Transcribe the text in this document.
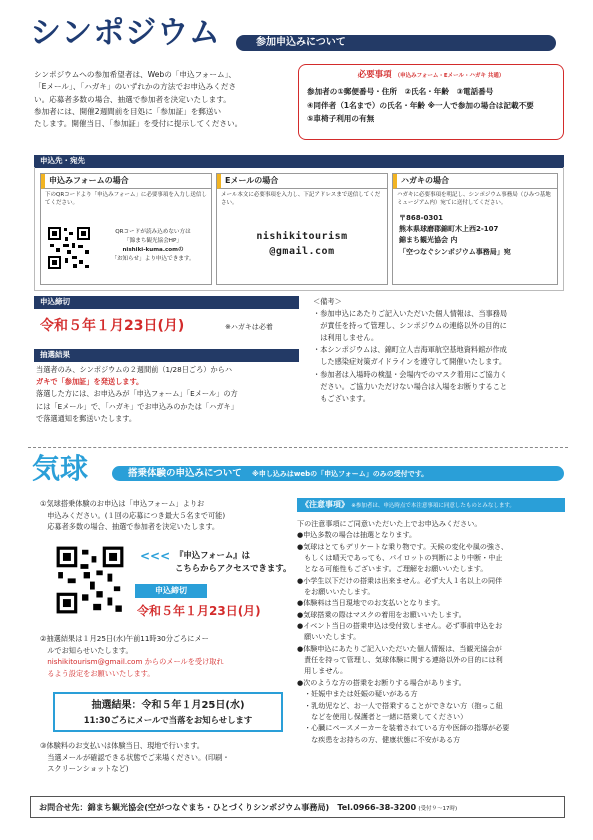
シンポジウム	参加申込みについて
シンポジウムへの参加希望者は、Webの「申込フォーム」、
「Eメール」、「ハガキ」のいずれかの方法でお申込みくださ
い。応募者多数の場合、抽選で参加者を決定いたします。
参加者には、開催2週間前を目処に「参加証」を郵送い
たします。開催当日、「参加証」を受付に提示してください。
必要事項 （申込みフォーム・Eメール・ハガキ 共通）
参加者の①郵便番号・住所　②氏名・年齢　③電話番号
④同伴者（1名まで）の氏名・年齢 ※一人で参加の場合は記載不要
⑤車椅子利用の有無
申込先・宛先
申込みフォームの場合
下のQRコードより「申込みフォーム」に必要事項を入力し送信してください。
QRコードが読み込めない方は
「錦まち観光協会HP」
nishiki-kuma.comの
「お知らせ」より申込できます。
Eメールの場合
メール本文に必要事項を入力し、下記アドレスまで送信してください。
nishikitourism
@gmail.com
ハガキの場合
ハガキに必要事項を明記し、シンポジウム事務局（ひみつ基地ミュージアム内）宛てに送付してください。
〒868-0301
熊本県球磨郡錦町木上西2-107
錦まち観光協会 内
「空つなぐシンポジウム事務局」宛
申込締切
令和５年１月23日(月)	※ハガキは必着
抽選結果
当選者のみ、シンポジウムの２週間前（1/28日ごろ）からハ
ガキで「参加証」を発送します。
落選した方には、お申込みが「申込フォーム」「Eメール」の方
には「Eメール」で、「ハガキ」でお申込みのかたは「ハガキ」
で落選通知を郵送いたします。
＜備考＞
・参加申込にあたりご記入いただいた個人情報は、当事務局
　が責任を持って管理し、シンポジウムの連絡以外の目的に
　は利用しません。
・本シンポジウムは、錦町立人吉海軍航空基地資料館が作成
　した感染症対策ガイドラインを遵守して開催いたします。
・参加者は入場時の検温・会場内でのマスク着用にご協力く
　ださい。ご協力いただけない場合は入場をお断りすること
　もございます。
気球	搭乗体験の申込みについて ※申し込みはwebの「申込フォーム」のみの受付です。
①気球搭乗体験のお申込は「申込フォーム」よりお
　申込みください。(１回の応募につき最大５名まで可能)
　応募者多数の場合、抽選で参加者を決定いたします。
<<< 『申込フォーム』は
こちらからアクセスできます。
申込締切
令和５年１月23日(月)
②抽選結果は１月25日(水)午前11時30分ごろにメー
　ルでお知らせいたします。
　nishikitourism@gmail.com からのメールを受け取れ
　るよう設定をお願いいたします。
抽選結果：令和５年１月25日(水)
11:30ごろにメールで当落をお知らせします
③体験料のお支払いは体験当日、現地で行います。
　当選メールが確認できる状態でご来場ください。(印刷・
　スクリーンショットなど)
《注意事項》 ※参加者は、申込時点で本注意事項に同意したものとみなします。
下の注意事項にご同意いただいた上でお申込みください。
●申込多数の場合は抽選となります。
●気球はとてもデリケートな乗り物です。天候の変化や風の強さ、
　もしくは晴天であっても、パイロットの判断により中断・中止
　となる可能性もございます。ご理解をお願いいたします。
●小学生以下だけの搭乗は出来ません。必ず大人１名以上の同伴
　をお願いいたします。
●体験料は当日現地でのお支払いとなります。
●気球搭乗の際はマスクの着用をお願いいたします。
●イベント当日の搭乗申込は受付致しません。必ず事前申込をお
　願いいたします。
●体験申込にあたりご記入いただいた個人情報は、当観光協会が
　責任を持って管理し、気球体験に関する連絡以外の目的には利
　用しません。
●次のような方の搭乗をお断りする場合があります。
　・妊娠中または妊娠の疑いがある方
　・乳幼児など、お一人で搭乗することができない方（抱っこ紐
　　などを使用し保護者と一緒に搭乗してください）
　・心臓にペースメーカーを装着されている方や医師の指導が必要
　　な疾患をお持ちの方、健康状態に不安がある方
お問合せ先：錦まち観光協会(空がつなぐまち・ひとづくりシンポジウム事務局)　Tel.0966-38-3200 (受付９～17時)
